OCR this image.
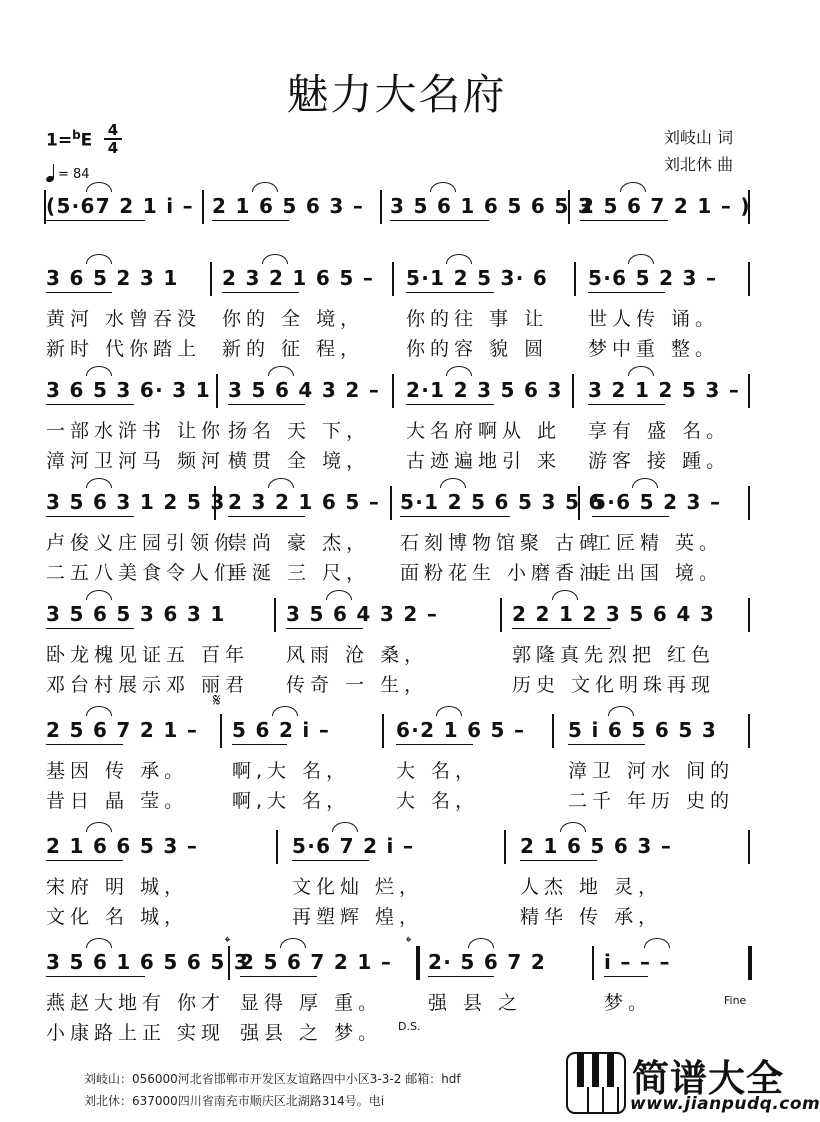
魅力大名府
1=$^b$E
4
4
= 84
刘岐山 词
刘北休 曲
(5·67 2 1 i – 2 1 6 5 6 3 – 3 5 6 1 6 5 6 5 3
2 5 6 7 2 1 – )
3 6 5 2 3 1 2 3 2 1 6 5 – 5·1 2 5 3· 6 5·6 5 2 3 –
黄河 水曾吞没 你的 全 境， 你的往 事 让 世人传 诵。
新时 代你踏上 新的 征 程， 你的容 貌 圆 梦中重 整。
3 6 5 3 6· 3 1 3 5 6 4 3 2 – 2·1 2 3 5 6 3 3 2 1 2 5 3 –
一部水浒书 让你 扬名 天 下， 大名府啊从 此 享有 盛 名。
漳河卫河马 频河 横贯 全 境， 古迹遍地引 来 游客 接 踵。
3 5 6 3 1 2 5 3 2 3 2 1 6 5 – 5·1 2 5 6 5 3 5 6
5·6 5 2 3 –
卢俊义庄园引领你
崇尚 豪 杰， 石刻博物馆聚 古碑
工匠精 英。
二五八美食令人们
垂涎 三 尺， 面粉花生 小磨香油
走出国 境。
3 5 6 5 3 6 3 1	3 5 6 4 3 2 –	2 2 1 2 3 5 6 4 3
卧龙槐见证五 百年 风雨 沧 桑，	郭隆真先烈把 红色
邓台村展示邓 丽君 传奇 一 生，	历史 文化明珠再现
2 5 6 7 2 1 – 5 6 2 i –	6·2 1 6 5 – 5 i 6 5 6 5 3
基因 传 承。 啊,大 名， 大 名，	漳卫 河水 间的
昔日 晶 莹。 啊,大 名， 大 名，	二千 年历 史的
2 1 6 6 5 3 –	5·6 7 2 i –	2 1 6 5 6 3 –
宋府 明 城，	文化灿 烂，	人杰 地 灵，
文化 名 城，	再塑辉 煌，	精华 传 承，
3 5 6 1 6 5 6 5 3
2 5 6 7 2 1 – 2· 5 6 7 2	i – – –
燕赵大地有 你才 显得 厚 重。 强 县 之	梦。
小康路上正 实现 强县 之 梦。
𝄋
𝄌	𝄌
Fine
D.S.
刘岐山：056000河北省邯郸市开发区友谊路四中小区3-3-2 邮箱：hdf
刘北休：637000四川省南充市顺庆区北湖路314号。电i
简谱大全
www.jianpudq.com
